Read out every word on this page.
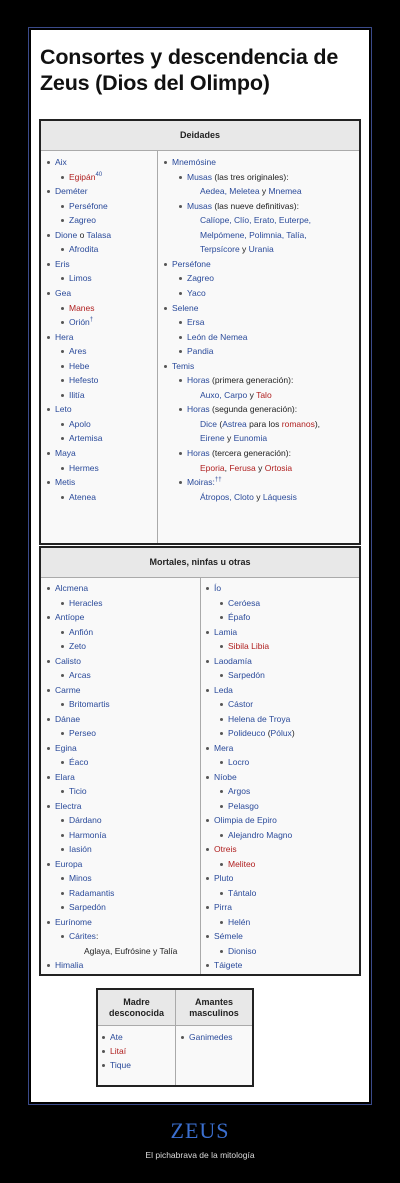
Consortes y descendencia de Zeus (Dios del Olimpo)
Deidades
Aix
Egipán$^{40}$
Deméter
Perséfone
Zagreo
Dione o Talasa
Afrodita
Eris
Limos
Gea
Manes
Orión†
Hera
Ares
Hebe
Hefesto
Ilitía
Leto
Apolo
Artemisa
Maya
Hermes
Metis
Atenea
Mnemósine
Musas (las tres originales):
Aedea, Meletea y Mnemea
Musas (las nueve definitivas):
Calíope, Clío, Erato, Euterpe,
Melpómene, Polimnia, Talía,
Terpsícore y Urania
Perséfone
Zagreo
Yaco
Selene
Ersa
León de Nemea
Pandia
Temis
Horas (primera generación):
Auxo, Carpo y Talo
Horas (segunda generación):
Dice (Astrea para los romanos),
Eirene y Eunomia
Horas (tercera generación):
Eporia, Ferusa y Ortosia
Moiras:††
Átropos, Cloto y Láquesis
Mortales, ninfas u otras
Alcmena
Heracles
Antíope
Anfión
Zeto
Calisto
Arcas
Carme
Britomartis
Dánae
Perseo
Egina
Éaco
Elara
Ticio
Electra
Dárdano
Harmonía
Iasión
Europa
Minos
Radamantis
Sarpedón
Eurínome
Cárites:
Aglaya, Eufrósine y Talía
Himalia
Ío
Ceróesa
Épafo
Lamia
Sibila Libia
Laodamía
Sarpedón
Leda
Cástor
Helena de Troya
Polideuco (Pólux)
Mera
Locro
Níobe
Argos
Pelasgo
Olimpia de Epiro
Alejandro Magno
Otreis
Meliteo
Pluto
Tántalo
Pirra
Helén
Sémele
Dioniso
Táigete
Madre desconocida
Amantes masculinos
Ate
Litaí
Tique
Ganimedes
ZEUS
El pichabrava de la mitología
